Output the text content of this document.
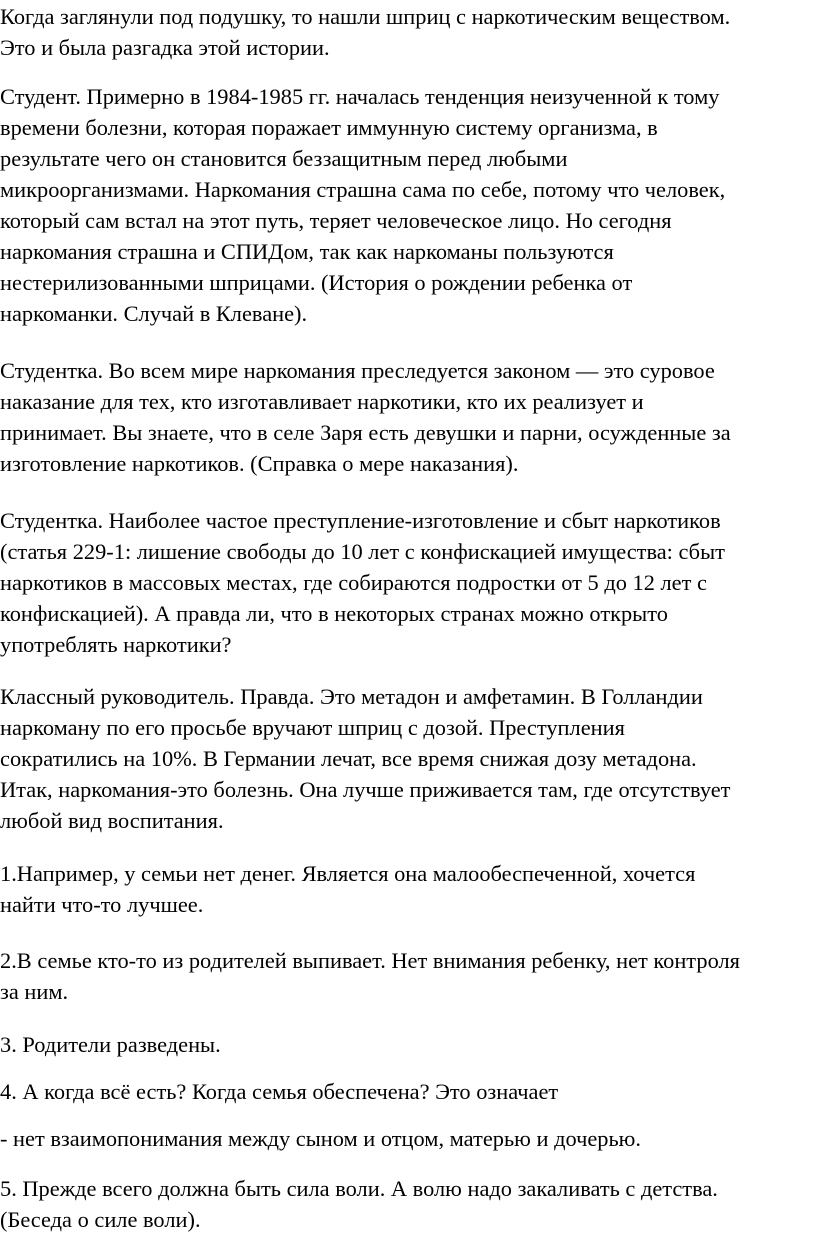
Когда заглянули под подушку, то нашли шприц с наркотическим веществом.
Это и была разгадка этой истории.
Студент. Примерно в 1984-1985 гг. началась тенденция неизученной к тому
времени болезни, которая поражает иммунную систему организма, в
результате чего он становится беззащитным перед любыми
микроорганизмами. Наркомания страшна сама по себе, потому что человек,
который сам встал на этот путь, теряет человеческое лицо. Но сегодня
наркомания страшна и СПИДом, так как наркоманы пользуются
нестерилизованными шприцами. (История о рождении ребенка от
наркоманки. Случай в Клеване).
Студентка. Во всем мире наркомания преследуется законом — это суровое
наказание для тех, кто изготавливает наркотики, кто их реализует и
принимает. Вы знаете, что в селе Заря есть девушки и парни, осужденные за
изготовление наркотиков. (Справка о мере наказания).
Студентка. Наиболее частое преступление-изготовление и сбыт наркотиков
(статья 229-1: лишение свободы до 10 лет с конфискацией имущества: сбыт
наркотиков в массовых местах, где собираются подростки от 5 до 12 лет с
конфискацией). А правда ли, что в некоторых странах можно открыто
употреблять наркотики?
Классный руководитель. Правда. Это метадон и амфетамин. В Голландии
наркоману по его просьбе вручают шприц с дозой. Преступления
сократились на 10%. В Германии лечат, все время снижая дозу метадона.
Итак, наркомания-это болезнь. Она лучше приживается там, где отсутствует
любой вид воспитания.
1.Например, у семьи нет денег. Является она малообеспеченной, хочется
найти что-то лучшее.
2.В семье кто-то из родителей выпивает. Нет внимания ребенку, нет контроля
за ним.
3. Родители разведены.
4. А когда всё есть? Когда семья обеспечена? Это означает
- нет взаимопонимания между сыном и отцом, матерью и дочерью.
5. Прежде всего должна быть сила воли. А волю надо закаливать с детства.
(Беседа о силе воли).
